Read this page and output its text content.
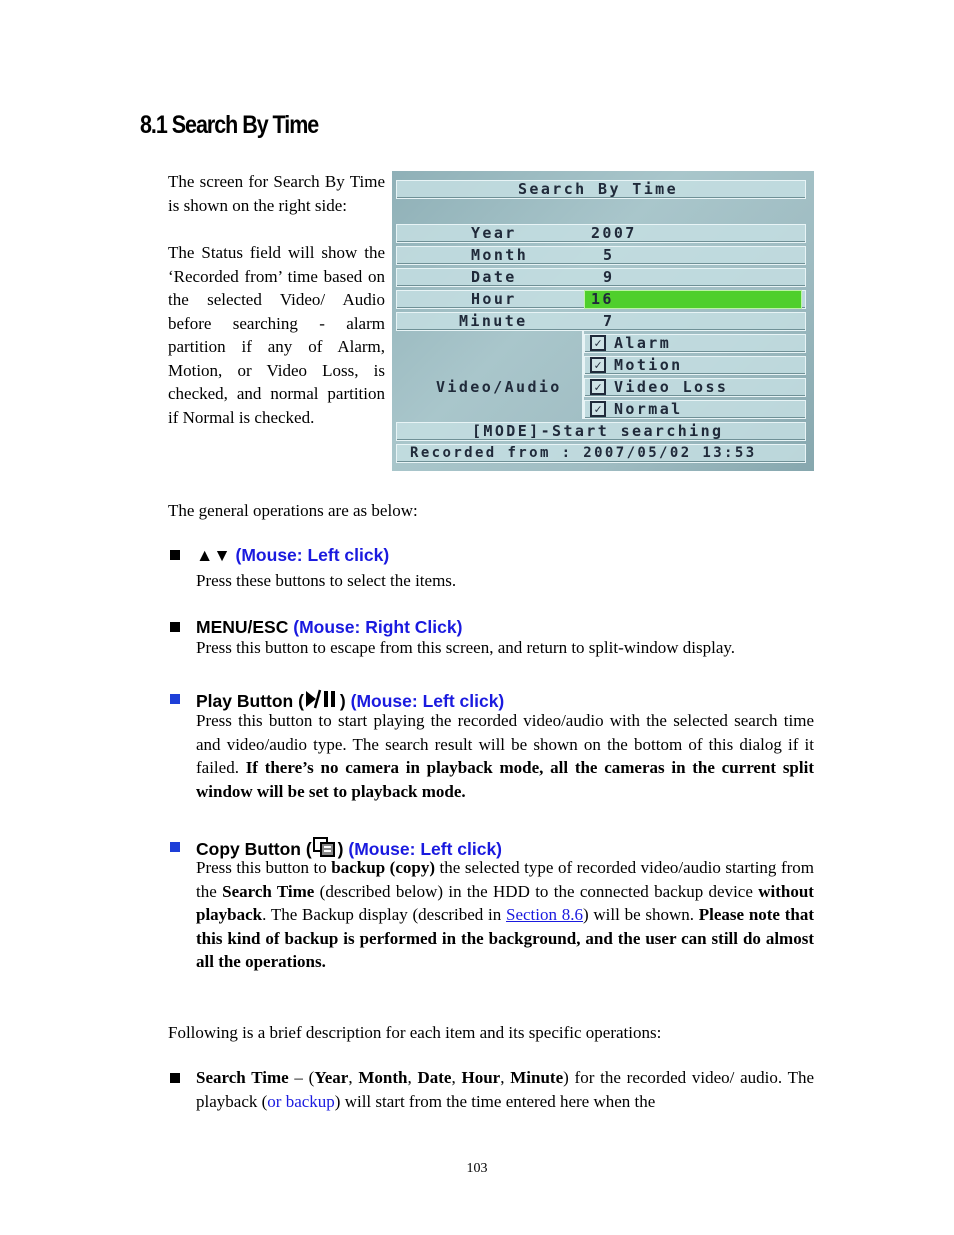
8.1 Search By Time

The screen for Search By Time is shown on the right side:

The Status field will show the ‘Recorded from’ time based on the selected Video/ Audio before searching - alarm partition if any of Alarm, Motion, or Video Loss, is checked, and normal partition if Normal is checked.

Search By Time
Year	2007
Month	5
Date	9
Hour	16
Minute	7
Video/Audio
✓ Alarm
✓ Motion
✓ Video Loss
✓ Normal
[MODE]-Start searching
Recorded from : 2007/05/02 13:53
The general operations are as below:
▲▼ (Mouse: Left click)
Press these buttons to select the items.
MENU/ESC (Mouse: Right Click)
Press this button to escape from this screen, and return to split-window display.
Play Button ( ) (Mouse: Left click)
Press this button to start playing the recorded video/audio with the selected search time and video/audio type. The search result will be shown on the bottom of this dialog if it failed. If there’s no camera in playback mode, all the cameras in the current split window will be set to playback mode.
Copy Button ( ) (Mouse: Left click)
Press this button to backup (copy) the selected type of recorded video/audio starting from the Search Time (described below) in the HDD to the connected backup device without playback. The Backup display (described in Section 8.6) will be shown. Please note that this kind of backup is performed in the background, and the user can still do almost all the operations.
Following is a brief description for each item and its specific operations:
Search Time – (Year, Month, Date, Hour, Minute) for the recorded video/ audio. The playback (or backup) will start from the time entered here when the
103
